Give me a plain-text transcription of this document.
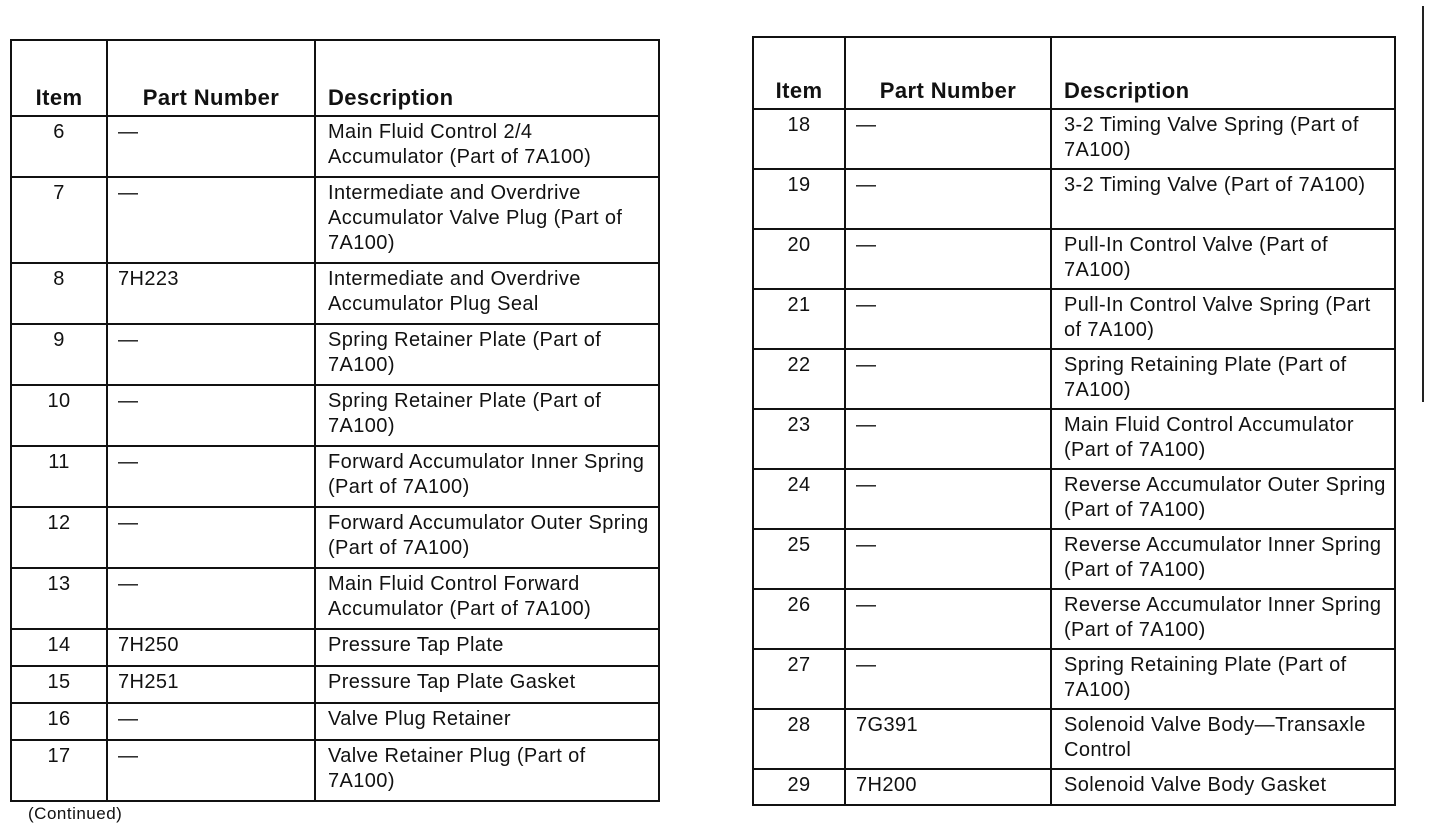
Item	Part Number	Description
6	—	Main Fluid Control 2/4 Accumulator (Part of 7A100)
7	—	Intermediate and Overdrive Accumulator Valve Plug (Part of 7A100)
8	7H223	Intermediate and Overdrive Accumulator Plug Seal
9	—	Spring Retainer Plate (Part of 7A100)
10	—	Spring Retainer Plate (Part of 7A100)
11	—	Forward Accumulator Inner Spring (Part of 7A100)
12	—	Forward Accumulator Outer Spring (Part of 7A100)
13	—	Main Fluid Control Forward Accumulator (Part of 7A100)
14	7H250	Pressure Tap Plate
15	7H251	Pressure Tap Plate Gasket
16	—	Valve Plug Retainer
17	—	Valve Retainer Plug (Part of 7A100)
(Continued)
Item	Part Number	Description
18	—	3-2 Timing Valve Spring (Part of 7A100)
19	—	3-2 Timing Valve (Part of 7A100)
20	—	Pull-In Control Valve (Part of 7A100)
21	—	Pull-In Control Valve Spring (Part of 7A100)
22	—	Spring Retaining Plate (Part of 7A100)
23	—	Main Fluid Control Accumulator (Part of 7A100)
24	—	Reverse Accumulator Outer Spring (Part of 7A100)
25	—	Reverse Accumulator Inner Spring (Part of 7A100)
26	—	Reverse Accumulator Inner Spring (Part of 7A100)
27	—	Spring Retaining Plate (Part of 7A100)
28	7G391	Solenoid Valve Body—Transaxle Control
29	7H200	Solenoid Valve Body Gasket
